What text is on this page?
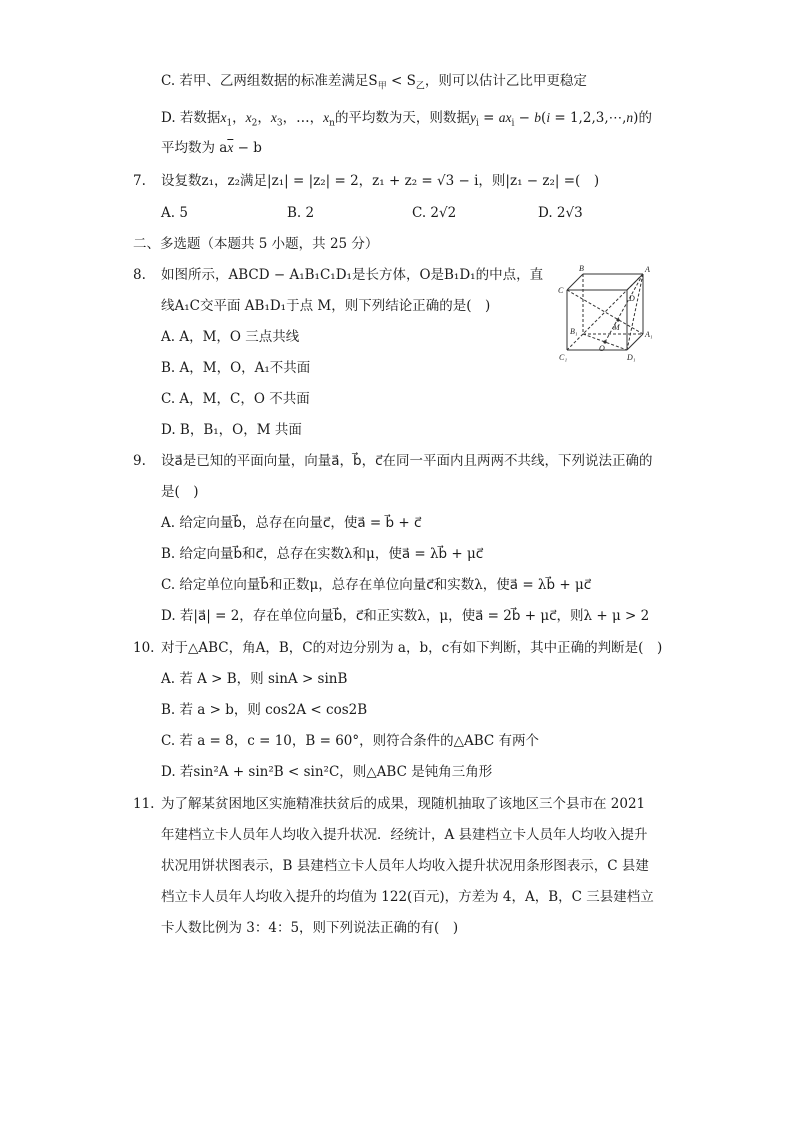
C. 若甲、乙两组数据的标准差满足$S_甲 < S_乙$，则可以估计乙比甲更稳定
D. 若数据$x_1$，$x_2$，$x_3$，…，$x_n$的平均数为天，则数据$y_i = ax_i - b(i$ = 1,2,3,⋯,n)的
平均数为 $a\overline{x} - b$
7. 设复数z₁，z₂满足|z₁| = |z₂| = 2，z₁ + z₂ = √3 − i，则|z₁ − z₂| =(　)
A. 5	B. 2	C. 2√2	D. 2√3
二、多选题（本题共 5 小题，共 25 分）
8. 如图所示，ABCD − A₁B₁C₁D₁是长方体，O是B₁D₁的中点，直
线A₁C交平面 AB₁D₁于点 M，则下列结论正确的是(　)
A. A，M，O 三点共线
B. A，M，O，A₁不共面
C. A，M，C，O 不共面
D. B，B₁，O，M 共面
B	A
C
D
B₁	M
A₁
O
C₁	D₁
9. 设a⃗是已知的平面向量，向量a⃗，b⃗，c⃗在同一平面内且两两不共线，下列说法正确的
是(　)
A. 给定向量b⃗，总存在向量c⃗，使a⃗ = b⃗ + c⃗
B. 给定向量b⃗和c⃗，总存在实数λ和μ，使a⃗ = λb⃗ + μc⃗
C. 给定单位向量b⃗和正数μ，总存在单位向量c⃗和实数λ，使a⃗ = λb⃗ + μc⃗
D. 若|a⃗| = 2，存在单位向量b⃗，c⃗和正实数λ，μ，使a⃗ = 2b⃗ + μc⃗，则λ + μ > 2
10. 对于△ABC，角A，B，C的对边分别为 a，b，c有如下判断，其中正确的判断是(　)
A. 若 A > B，则 sinA > sinB
B. 若 a > b，则 cos2A < cos2B
C. 若 a = 8，c = 10，B = 60°，则符合条件的△ABC 有两个
D. 若sin²A + sin²B < sin²C，则△ABC 是钝角三角形
11. 为了解某贫困地区实施精准扶贫后的成果，现随机抽取了该地区三个县市在 2021
年建档立卡人员年人均收入提升状况．经统计，A 县建档立卡人员年人均收入提升
状况用饼状图表示，B 县建档立卡人员年人均收入提升状况用条形图表示，C 县建
档立卡人员年人均收入提升的均值为 122(百元)，方差为 4，A，B，C 三县建档立
卡人数比例为 3：4：5，则下列说法正确的有(　)
